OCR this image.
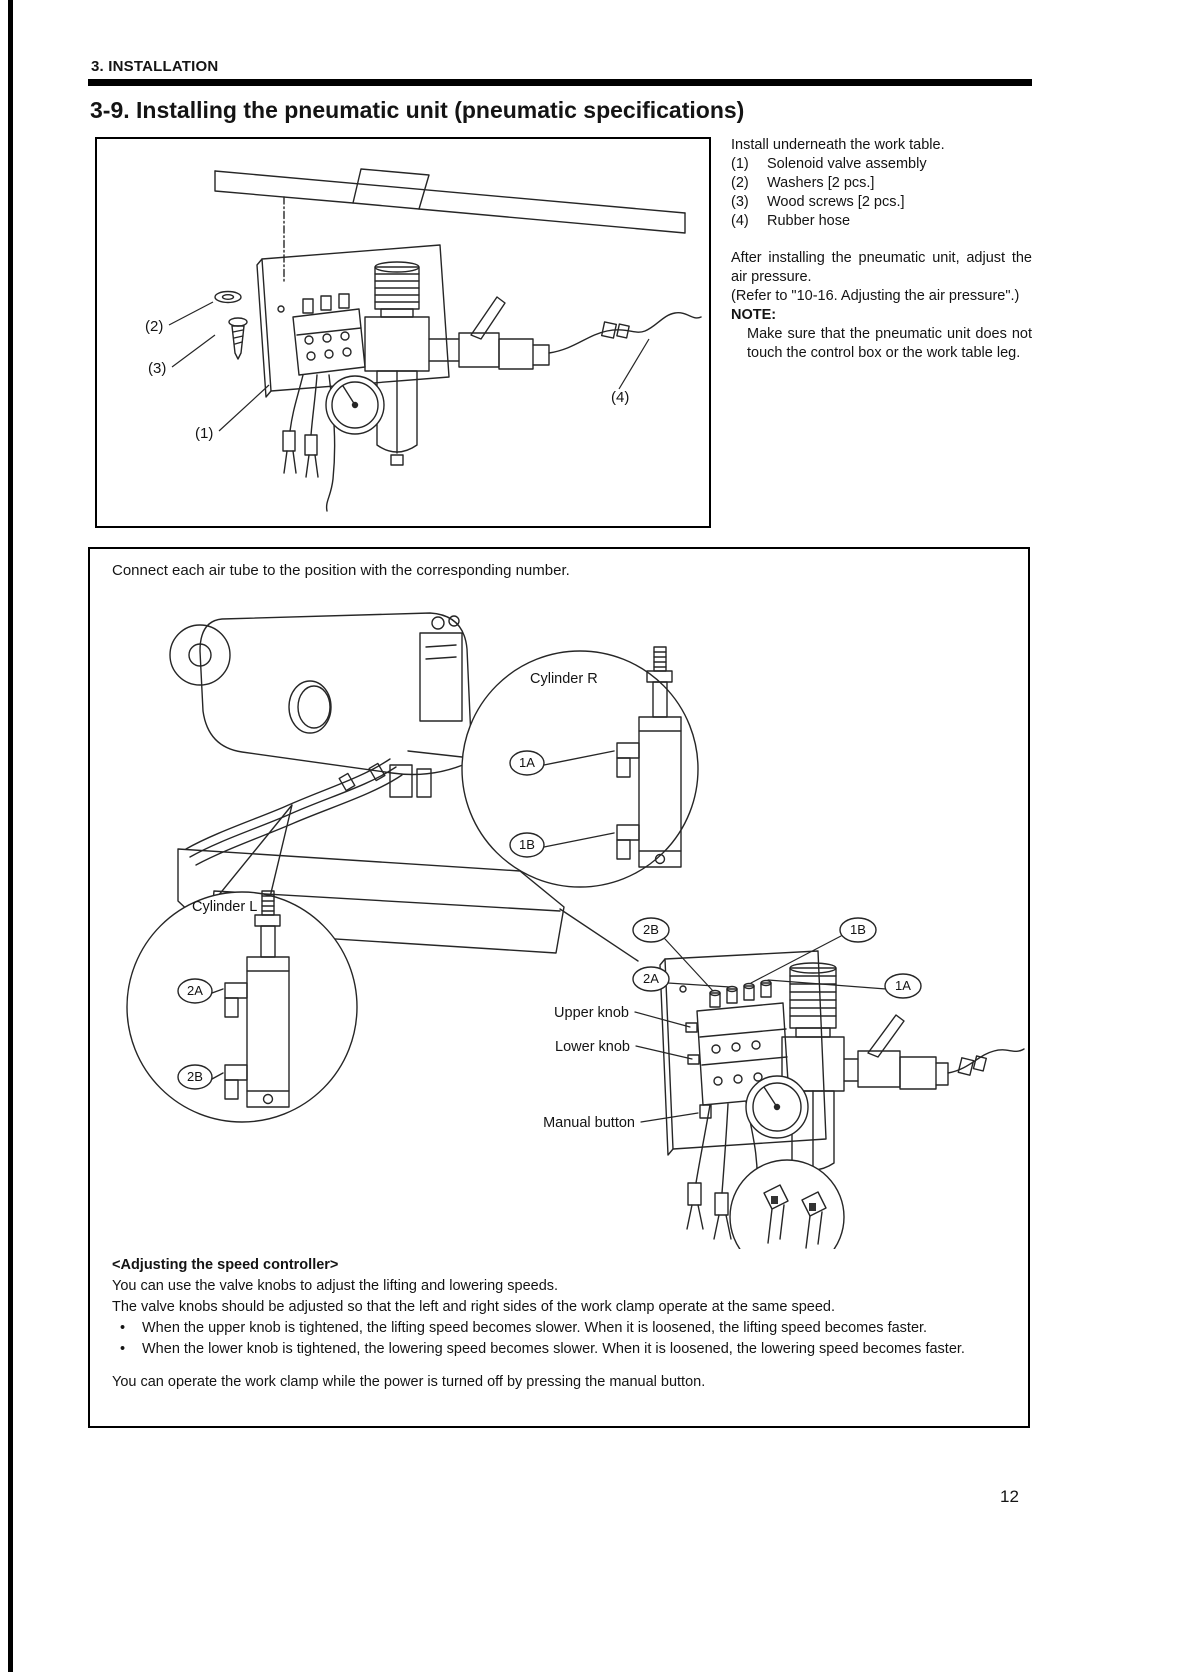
3. INSTALLATION
3-9. Installing the pneumatic unit (pneumatic specifications)
(2)
(3)
(1)
(4)

Install underneath the work table.

(1)	Solenoid valve assembly
(2)	Washers [2 pcs.]
(3)	Wood screws [2 pcs.]
(4)	Rubber hose

After installing the pneumatic unit, adjust the air pressure.

(Refer to "10-16. Adjusting the air pressure".)

NOTE:

Make sure that the pneumatic unit does not touch the control box or the work table leg.

Connect each air tube to the position with the corresponding number.

Cylinder R
Cylinder L
1A
1B
2A
2B
2B
2A
1B
1A
Upper knob
Lower knob
Manual button

<Adjusting the speed controller>

You can use the valve knobs to adjust the lifting and lowering speeds.

The valve knobs should be adjusted so that the left and right sides of the work clamp operate at the same speed.

•	When the upper knob is tightened, the lifting speed becomes slower. When it is loosened, the lifting speed becomes faster.
•	When the lower knob is tightened, the lowering speed becomes slower. When it is loosened, the lowering speed becomes faster.

You can operate the work clamp while the power is turned off by pressing the manual button.

12
